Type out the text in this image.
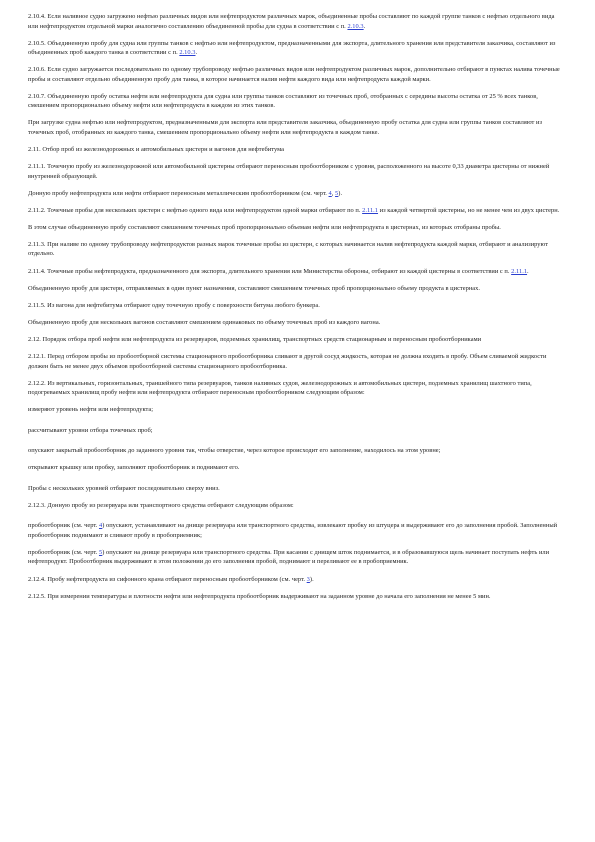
2.10.4. Если наливное судно загружено нефтью различных видов или нефтепродуктом различных марок, объединенные пробы составляют по каждой группе танков с нефтью отдельного вида или нефтепродуктом отдельной марки аналогично составлению объединенной пробы для судна в соответствии с п. 2.10.3.

2.10.5. Объединенную пробу для судна или группы танков с нефтью или нефтепродуктом, предназначенными для экспорта, длительного хранения или представителя заказчика, составляют из объединенных проб каждого танка в соответствии с п. 2.10.3.

2.10.6. Если судно загружается последовательно по одному трубопроводу нефтью различных видов или нефтепродуктом различных марок, дополнительно отбирают в пунктах налива точечные пробы и составляют отдельно объединенную пробу для танка, в которое начинается налив нефти каждого вида или нефтепродукта каждой марки.

2.10.7. Объединенную пробу остатка нефти или нефтепродукта для судна или группы танков составляют из точечных проб, отобранных с середины высоты остатка от 25 % всех танков, смешением пропорционально объему нефти или нефтепродукта в каждом из этих танков.

При загрузке судна нефтью или нефтепродуктом, предназначенными для экспорта или представителя заказчика, объединенную пробу остатка для судна или группы танков составляют из точечных проб, отобранных из каждого танка, смешением пропорционально объему нефти или нефтепродукта в каждом танке.

2.11. Отбор проб из железнодорожных и автомобильных цистерн и вагонов для нефтебитума

2.11.1. Точечную пробу из железнодорожной или автомобильной цистерны отбирают переносным пробоотборником с уровня, расположенного на высоте 0,33 диаметра цистерны от нижней внутренней образующей.

Донную пробу нефтепродукта или нефти отбирают переносным металлическим пробоотборником (см. черт. 4, 5).

2.11.2. Точечные пробы для нескольких цистерн с нефтью одного вида или нефтепродуктом одной марки отбирают по п. 2.11.1 из каждой четвертой цистерны, но не менее чем из двух цистерн.

В этом случае объединенную пробу составляют смешением точечных проб пропорционально объемам нефти или нефтепродукта в цистернах, из которых отобраны пробы.

2.11.3. При наливе по одному трубопроводу нефтепродуктов разных марок точечные пробы из цистерн, с которых начинается налив нефтепродукта каждой марки, отбирают и анализируют отдельно.

2.11.4. Точечные пробы нефтепродукта, предназначенного для экспорта, длительного хранения или Министерства обороны, отбирают из каждой цистерны в соответствии с п. 2.11.1.

Объединенную пробу для цистерн, отправляемых в один пункт назначения, составляют смешением точечных проб пропорционально объему продукта в цистернах.

2.11.5. Из вагона для нефтебитума отбирают одну точечную пробу с поверхности битума любого бункера.

Объединенную пробу для нескольких вагонов составляют смешением одинаковых по объему точечных проб из каждого вагона.

2.12. Порядок отбора проб нефти или нефтепродукта из резервуаров, подземных хранилищ, транспортных средств стационарным и переносным пробоотборниками

2.12.1. Перед отбором пробы из пробоотборной системы стационарного пробоотборника сливают в другой сосуд жидкость, которая не должна входить в пробу. Объем сливаемой жидкости должен быть не менее двух объемов пробоотборной системы стационарного пробоотборника.

2.12.2. Из вертикальных, горизонтальных, траншейного типа резервуаров, танков наливных судов, железнодорожных и автомобильных цистерн, подземных хранилищ шахтного типа, подогреваемых хранилищ пробу нефти или нефтепродукта отбирают переносным пробоотборником следующим образом:

измеряют уровень нефти или нефтепродукта;

рассчитывают уровни отбора точечных проб;

опускают закрытый пробоотборник до заданного уровня так, чтобы отверстие, через которое происходит его заполнение, находилось на этом уровне;

открывают крышку или пробку, заполняют пробоотборник и поднимают его.

Пробы с нескольких уровней отбирают последовательно сверху вниз.

2.12.3. Донную пробу из резервуара или транспортного средства отбирают следующим образом:

пробоотборник (см. черт. 4) опускают, устанавливают на днище резервуара или транспортного средства, извлекают пробку из штуцера и выдерживают его до заполнения пробой. Заполненный пробоотборник поднимают и сливают пробу в пробоприемник;

пробоотборник (см. черт. 5) опускают на днище резервуара или транспортного средства. При касании с днищем шток поднимается, и в образовавшуюся щель начинает поступать нефть или нефтепродукт. Пробоотборник выдерживают в этом положении до его заполнения пробой, поднимают и переливают ее в пробоприемник.

2.12.4. Пробу нефтепродукта из сифонного крана отбирают переносным пробоотборником (см. черт. 3).

2.12.5. При измерении температуры и плотности нефти или нефтепродукта пробоотборник выдерживают на заданном уровне до начала его заполнения не менее 5 мин.
